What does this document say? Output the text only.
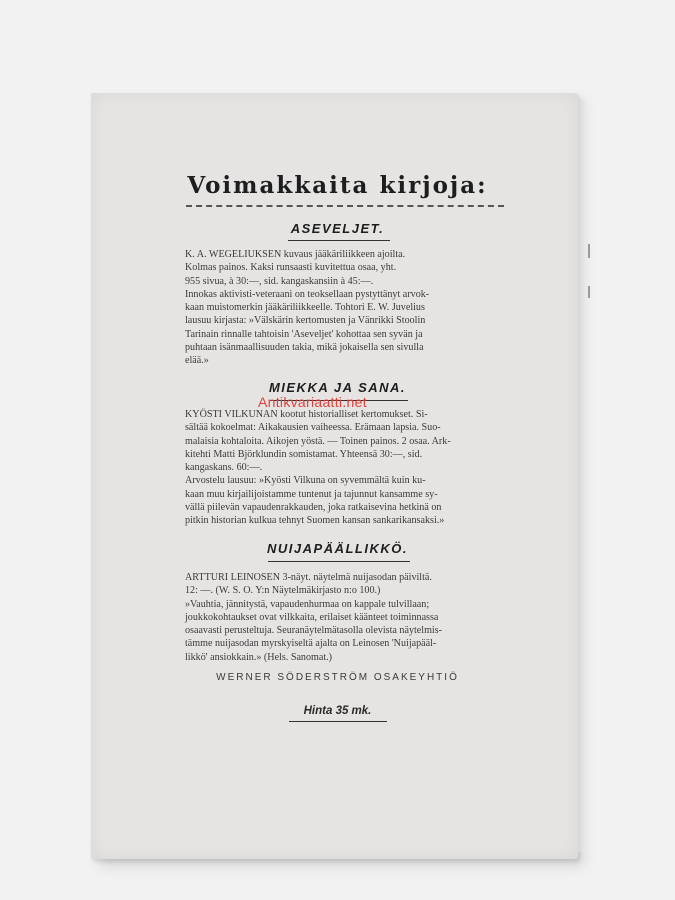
Voimakkaita kirjoja:
ASEVELJET.
K. A. WEGELIUKSEN kuvaus jääkäriliikkeen ajoilta.
Kolmas painos. Kaksi runsaasti kuvitettua osaa, yht.
955 sivua, à 30:—, sid. kangaskansiin à 45:—.
Innokas aktivisti-veteraani on teoksellaan pystyttänyt arvok-
kaan muistomerkin jääkäriliikkeelle. Tohtori E. W. Juvelius
lausuu kirjasta: »Välskärin kertomusten ja Vänrikki Stoolin
Tarinain rinnalle tahtoisin 'Aseveljet' kohottaa sen syvän ja
puhtaan isänmaallisuuden takia, mikä jokaisella sen sivulla
elää.»
MIEKKA JA SANA.
Antikvariaatti.net
KYÖSTI VILKUNAN kootut historialliset kertomukset. Si-
sältää kokoelmat: Aikakausien vaiheessa. Erämaan lapsia. Suo-
malaisia kohtaloita. Aikojen yöstä. — Toinen painos. 2 osaa. Ark-
kitehti Matti Björklundin somistamat. Yhteensä 30:—, sid.
kangaskans. 60:—.
Arvostelu lausuu: »Kyösti Vilkuna on syvemmältä kuin ku-
kaan muu kirjailijoistamme tuntenut ja tajunnut kansamme sy-
vällä piilevän vapaudenrakkauden, joka ratkaisevina hetkinä on
pitkin historian kulkua tehnyt Suomen kansan sankarikansaksi.»
NUIJAPÄÄLLIKKÖ.
ARTTURI LEINOSEN 3-näyt. näytelmä nuijasodan päiviltä.
12: —. (W. S. O. Y:n Näytelmäkirjasto n:o 100.)
»Vauhtia, jännitystä, vapaudenhurmaa on kappale tulvillaan;
joukkokohtaukset ovat vilkkaita, erilaiset käänteet toiminnassa
osaavasti perusteltuja. Seuranäytelmätasolla olevista näytelmis-
tämme nuijasodan myrskyiseltä ajalta on Leinosen 'Nuijapääl-
likkö' ansiokkain.» (Hels. Sanomat.)
WERNER SÖDERSTRÖM OSAKEYHTIÖ
Hinta 35 mk.
